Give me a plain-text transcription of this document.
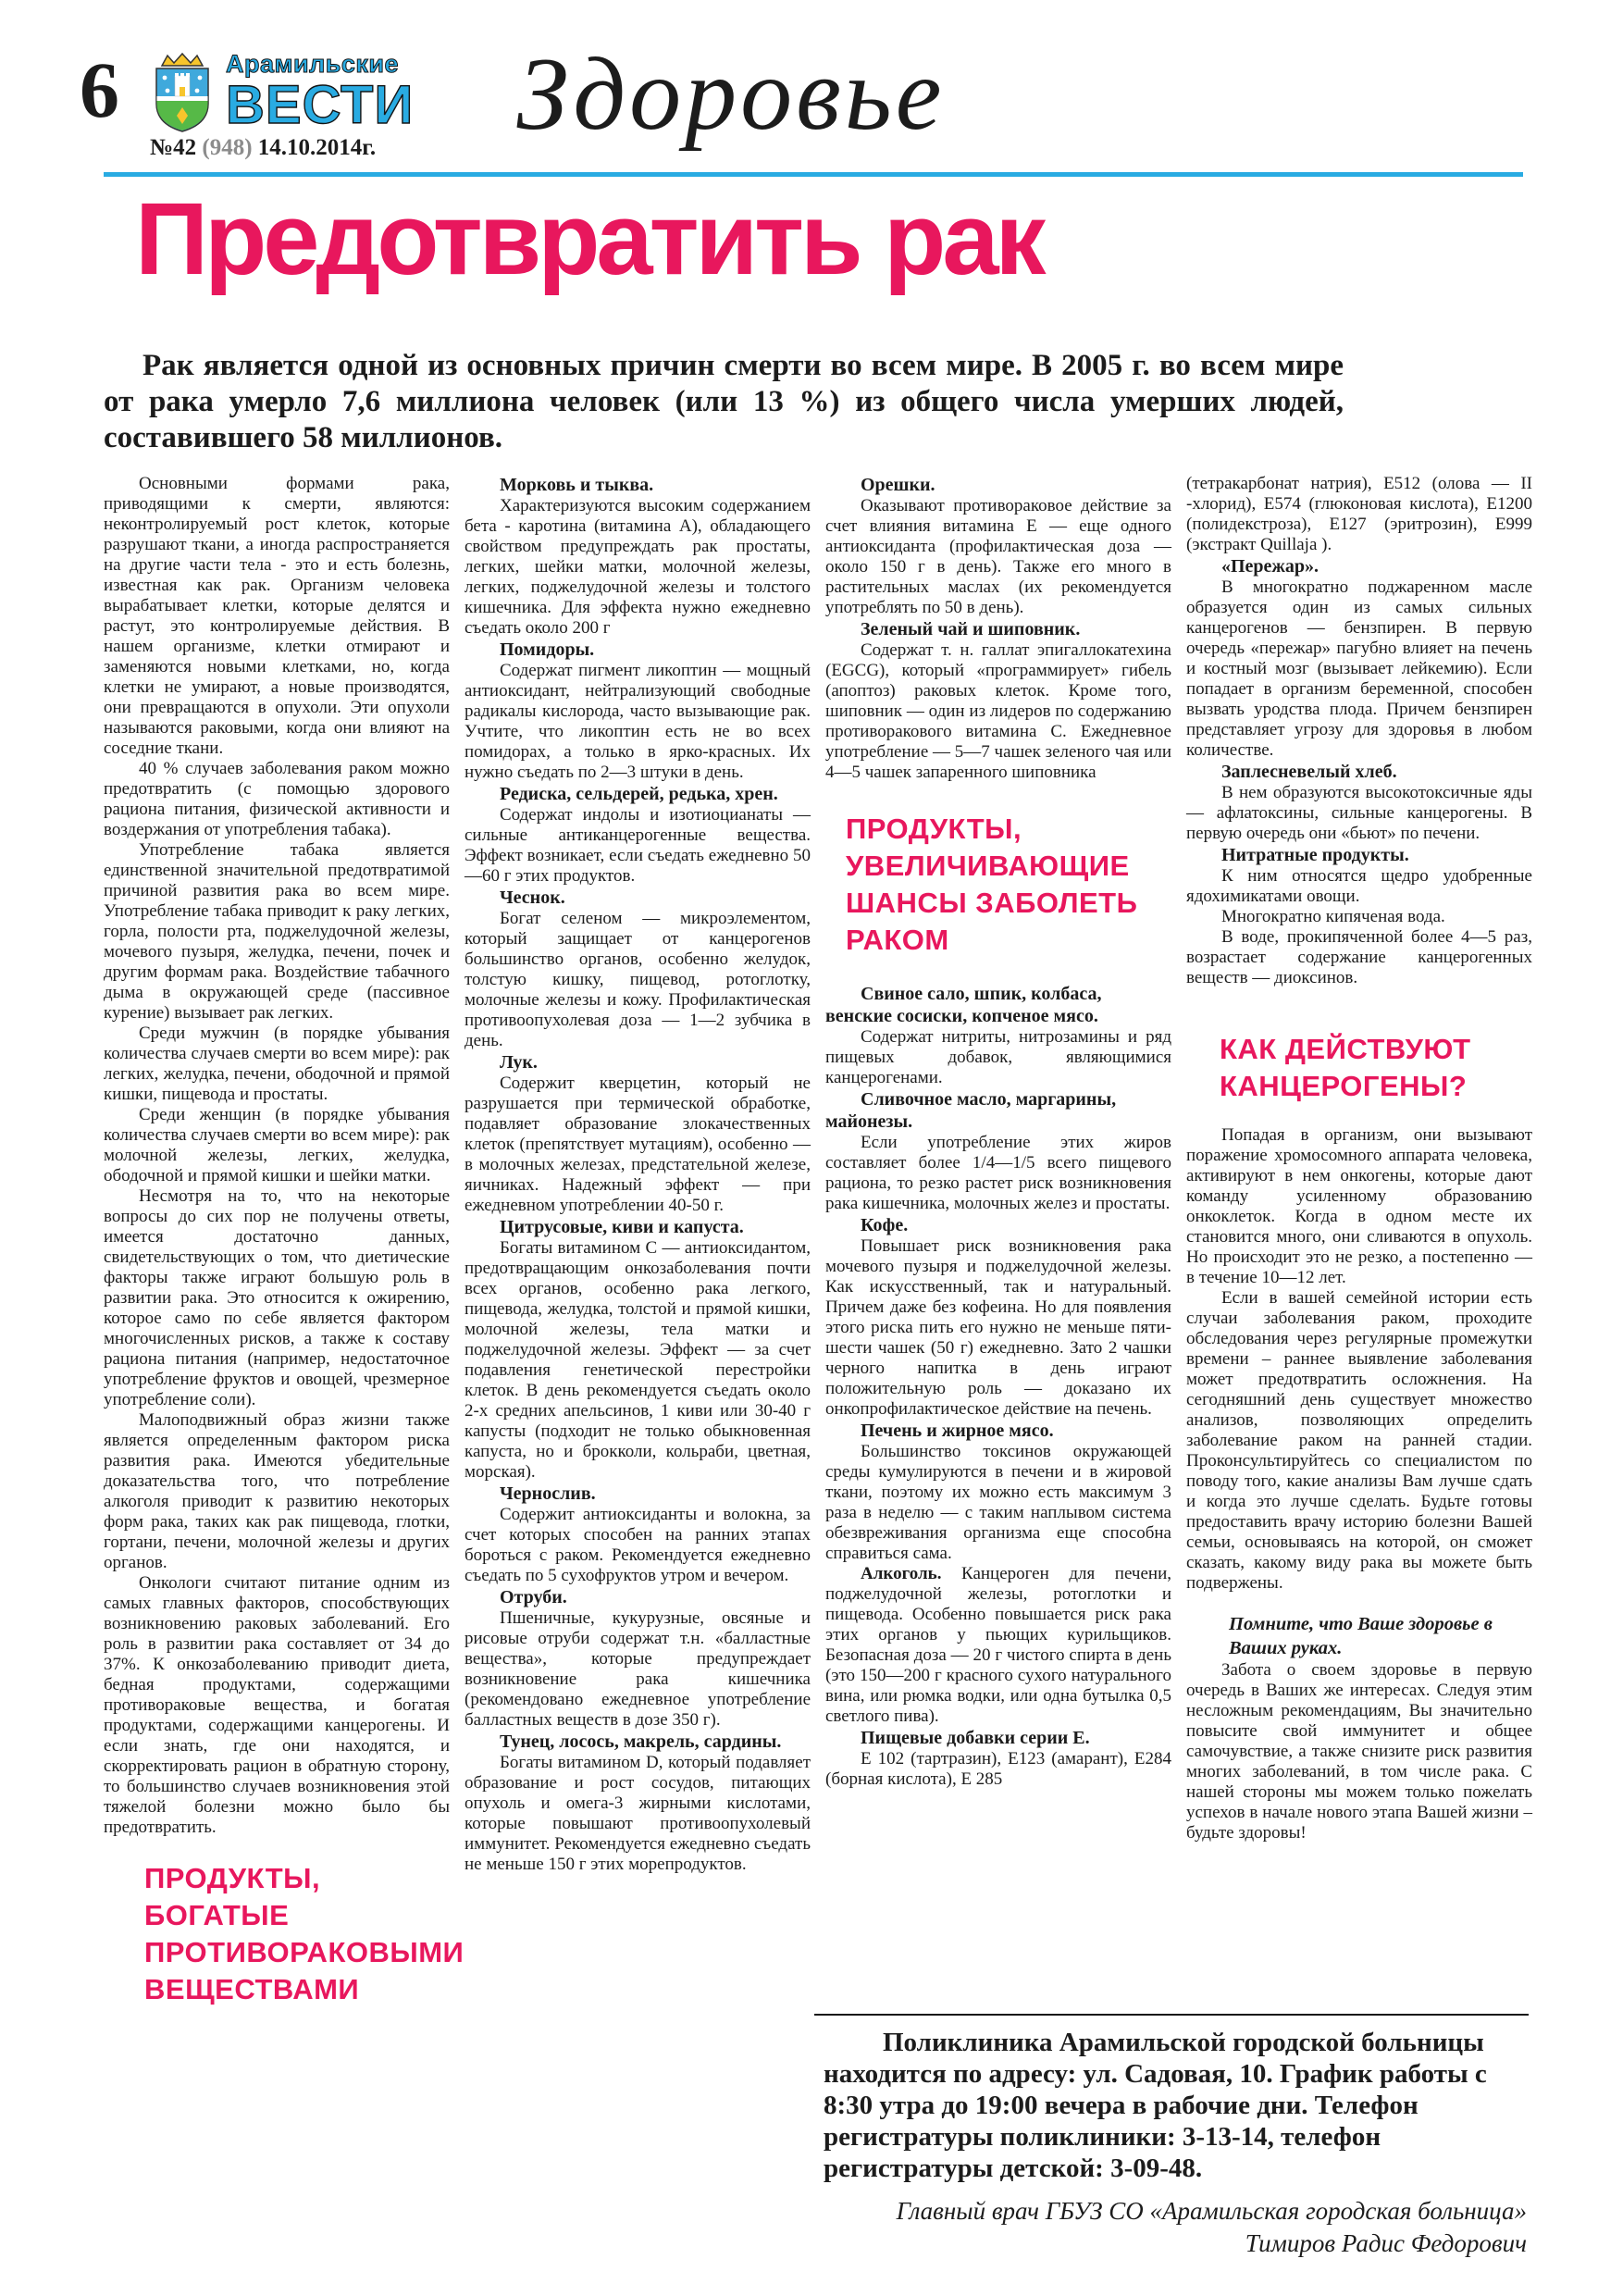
6	Арамильские
ВЕСТИ
№42 (948) 14.10.2014г.	Здоровье
Предотвратить рак

Рак является одной из основных причин смерти во всем мире. В 2005 г. во всем мире от рака умерло 7,6 миллиона человек (или 13 %) из общего числа умерших людей, составившего 58 миллионов.

Основными формами рака, приводящими к смерти, являются: неконтролируемый рост клеток, которые разрушают ткани, а иногда распространяется на другие части тела - это и есть болезнь, известная как рак. Организм человека вырабатывает клетки, которые делятся и растут, это контролируемые действия. В нашем организме, клетки отмирают и заменяются новыми клетками, но, когда клетки не умирают, а новые производятся, они превращаются в опухоли. Эти опухоли называются раковыми, когда они влияют на соседние ткани.

40 % случаев заболевания раком можно предотвратить (с помощью здорового рациона питания, физической активности и воздержания от употребления табака).

Употребление табака является единственной значительной предотвратимой причиной развития рака во всем мире. Употребление табака приводит к раку легких, горла, полости рта, поджелудочной железы, мочевого пузыря, желудка, печени, почек и другим формам рака. Воздействие табачного дыма в окружающей среде (пассивное курение) вызывает рак легких.

Среди мужчин (в порядке убывания количества случаев смерти во всем мире): рак легких, желудка, печени, ободочной и прямой кишки, пищевода и простаты.

Среди женщин (в порядке убывания количества случаев смерти во всем мире): рак молочной железы, легких, желудка, ободочной и прямой кишки и шейки матки.

Несмотря на то, что на некоторые вопросы до сих пор не получены ответы, имеется достаточно данных, свидетельствующих о том, что диетические факторы также играют большую роль в развитии рака. Это относится к ожирению, которое само по себе является фактором многочисленных рисков, а также к составу рациона питания (например, недостаточное употребление фруктов и овощей, чрезмерное употребление соли).

Малоподвижный образ жизни также является определенным фактором риска развития рака. Имеются убедительные доказательства того, что потребление алкоголя приводит к развитию некоторых форм рака, таких как рак пищевода, глотки, гортани, печени, молочной железы и других органов.

Онкологи считают питание одним из самых главных факторов, способствующих возникновению раковых заболеваний. Его роль в развитии рака составляет от 34 до 37%. К онкозаболеванию приводит диета, бедная продуктами, содержащими противораковые вещества, и богатая продуктами, содержащими канцерогены. И если знать, где они находятся, и скорректировать рацион в обратную сторону, то большинство случаев возникновения этой тяжелой болезни можно было бы предотвратить.

ПРОДУКТЫ, БОГАТЫЕ ПРОТИВОРАКОВЫМИ ВЕЩЕСТВАМИ

Морковь и тыква.

Характеризуются высоким содержанием бета - каротина (витамина А), обладающего свойством предупреждать рак простаты, легких, шейки матки, молочной железы, легких, поджелудочной железы и толстого кишечника. Для эффекта нужно ежедневно съедать около 200 г

Помидоры.

Содержат пигмент ликоптин — мощный антиоксидант, нейтрализующий свободные радикалы кислорода, часто вызывающие рак. Учтите, что ликоптин есть не во всех помидорах, а только в ярко-красных. Их нужно съедать по 2—3 штуки в день.

Редиска, сельдерей, редька, хрен.

Содержат индолы и изотиоцианаты — сильные антиканцерогенные вещества. Эффект возникает, если съедать ежедневно 50—60 г этих продуктов.

Чеснок.

Богат селеном — микроэлементом, который защищает от канцерогенов большинство органов, особенно желудок, толстую кишку, пищевод, ротоглотку, молочные железы и кожу. Профилактическая противоопухолевая доза — 1—2 зубчика в день.

Лук.

Содержит кверцетин, который не разрушается при термической обработке, подавляет образование злокачественных клеток (препятствует мутациям), особенно — в молочных железах, предстательной железе, яичниках. Надежный эффект — при ежедневном употреблении 40-50 г.

Цитрусовые, киви и капуста.

Богаты витамином С — антиоксидантом, предотвращающим онкозаболевания почти всех органов, особенно рака легкого, пищевода, желудка, толстой и прямой кишки, молочной железы, тела матки и поджелудочной железы. Эффект — за счет подавления генетической перестройки клеток. В день рекомендуется съедать около 2-х средних апельсинов, 1 киви или 30-40 г капусты (подходит не только обыкновенная капуста, но и брокколи, кольраби, цветная, морская).

Чернослив.

Содержит антиоксиданты и волокна, за счет которых способен на ранних этапах бороться с раком. Рекомендуется ежедневно съедать по 5 сухофруктов утром и вечером.

Отруби.

Пшеничные, кукурузные, овсяные и рисовые отруби содержат т.н. «балластные вещества», которые предупреждает возникновение рака кишечника (рекомендовано ежедневное употребление балластных веществ в дозе 350 г).

Тунец, лосось, макрель, сардины.

Богаты витамином D, который подавляет образование и рост сосудов, питающих опухоль и омега-3 жирными кислотами, которые повышают противоопухолевый иммунитет. Рекомендуется ежедневно съедать не меньше 150 г этих морепродуктов.

Орешки.

Оказывают противораковое действие за счет влияния витамина Е — еще одного антиоксиданта (профилактическая доза — около 150 г в день). Также его много в растительных маслах (их рекомендуется употреблять по 50 в день).

Зеленый чай и шиповник.

Содержат т. н. галлат эпигаллокатехина (EGCG), который «программирует» гибель (апоптоз) раковых клеток. Кроме того, шиповник — один из лидеров по содержанию противоракового витамина С. Ежедневное употребление — 5—7 чашек зеленого чая или 4—5 чашек запаренного шиповника

ПРОДУКТЫ, УВЕЛИЧИВАЮЩИЕ ШАНСЫ ЗАБОЛЕТЬ РАКОМ

Свиное сало, шпик, колбаса, венские сосиски, копченое мясо.

Содержат нитриты, нитрозамины и ряд пищевых добавок, являющимися канцерогенами.

Сливочное масло, маргарины, майонезы.

Если употребление этих жиров составляет более 1/4—1/5 всего пищевого рациона, то резко растет риск возникновения рака кишечника, молочных желез и простаты.

Кофе.

Повышает риск возникновения рака мочевого пузыря и поджелудочной железы. Как искусственный, так и натуральный. Причем даже без кофеина. Но для появления этого риска пить его нужно не меньше пяти-шести чашек (50 г) ежедневно. Зато 2 чашки черного напитка в день играют положительную роль — доказано их онкопрофилактическое действие на печень.

Печень и жирное мясо.

Большинство токсинов окружающей среды кумулируются в печени и в жировой ткани, поэтому их можно есть максимум 3 раза в неделю — с таким наплывом система обезвреживания организма еще способна справиться сама.

Алкоголь. Канцероген для печени, поджелудочной железы, ротоглотки и пищевода. Особенно повышается риск рака этих органов у пьющих курильщиков. Безопасная доза — 20 г чистого спирта в день (это 150—200 г красного сухого натурального вина, или рюмка водки, или одна бутылка 0,5 светлого пива).

Пищевые добавки серии Е.

Е 102 (тартразин), Е123 (амарант), Е284 (борная кислота), Е 285

(тетракарбонат натрия), Е512 (олова — II -хлорид), Е574 (глюконовая кислота), Е1200 (полидекстроза), Е127 (эритрозин), Е999 (экстракт Quillaja ).

«Пережар».

В многократно поджаренном масле образуется один из самых сильных канцерогенов — бензпирен. В первую очередь «пережар» пагубно влияет на печень и костный мозг (вызывает лейкемию). Если попадает в организм беременной, способен вызвать уродства плода. Причем бензпирен представляет угрозу для здоровья в любом количестве.

Заплесневелый хлеб.

В нем образуются высокотоксичные яды — афлатоксины, сильные канцерогены. В первую очередь они «бьют» по печени.

Нитратные продукты.

К ним относятся щедро удобренные ядохимикатами овощи.

Многократно кипяченая вода.

В воде, прокипяченной более 4—5 раз, возрастает содержание канцерогенных веществ — диоксинов.

КАК ДЕЙСТВУЮТ КАНЦЕРОГЕНЫ?

Попадая в организм, они вызывают поражение хромосомного аппарата человека, активируют в нем онкогены, которые дают команду усиленному образованию онкоклеток. Когда в одном месте их становится много, они сливаются в опухоль. Но происходит это не резко, а постепенно — в течение 10—12 лет.

Если в вашей семейной истории есть случаи заболевания раком, проходите обследования через регулярные промежутки времени – раннее выявление заболевания может предотвратить осложнения. На сегодняшний день существует множество анализов, позволяющих определить заболевание раком на ранней стадии. Проконсультируйтесь со специалистом по поводу того, какие анализы Вам лучше сдать и когда это лучше сделать. Будьте готовы предоставить врачу историю болезни Вашей семьи, основываясь на которой, он сможет сказать, какому виду рака вы можете быть подвержены.

Помните, что Ваше здоровье в Ваших руках.

Забота о своем здоровье в первую очередь в Ваших же интересах. Следуя этим несложным рекомендациям, Вы значительно повысите свой иммунитет и общее самочувствие, а также снизите риск развития многих заболеваний, в том числе рака. С нашей стороны мы можем только пожелать успехов в начале нового этапа Вашей жизни – будьте здоровы!

Поликлиника Арамильской городской больницы находится по адресу: ул. Садовая, 10. График работы с 8:30 утра до 19:00 вечера в рабочие дни. Телефон регистратуры поликлиники: 3-13-14, телефон регистратуры детской: 3-09-48.

Главный врач ГБУЗ СО «Арамильская городская больница»
Тимиров Радис Федорович
